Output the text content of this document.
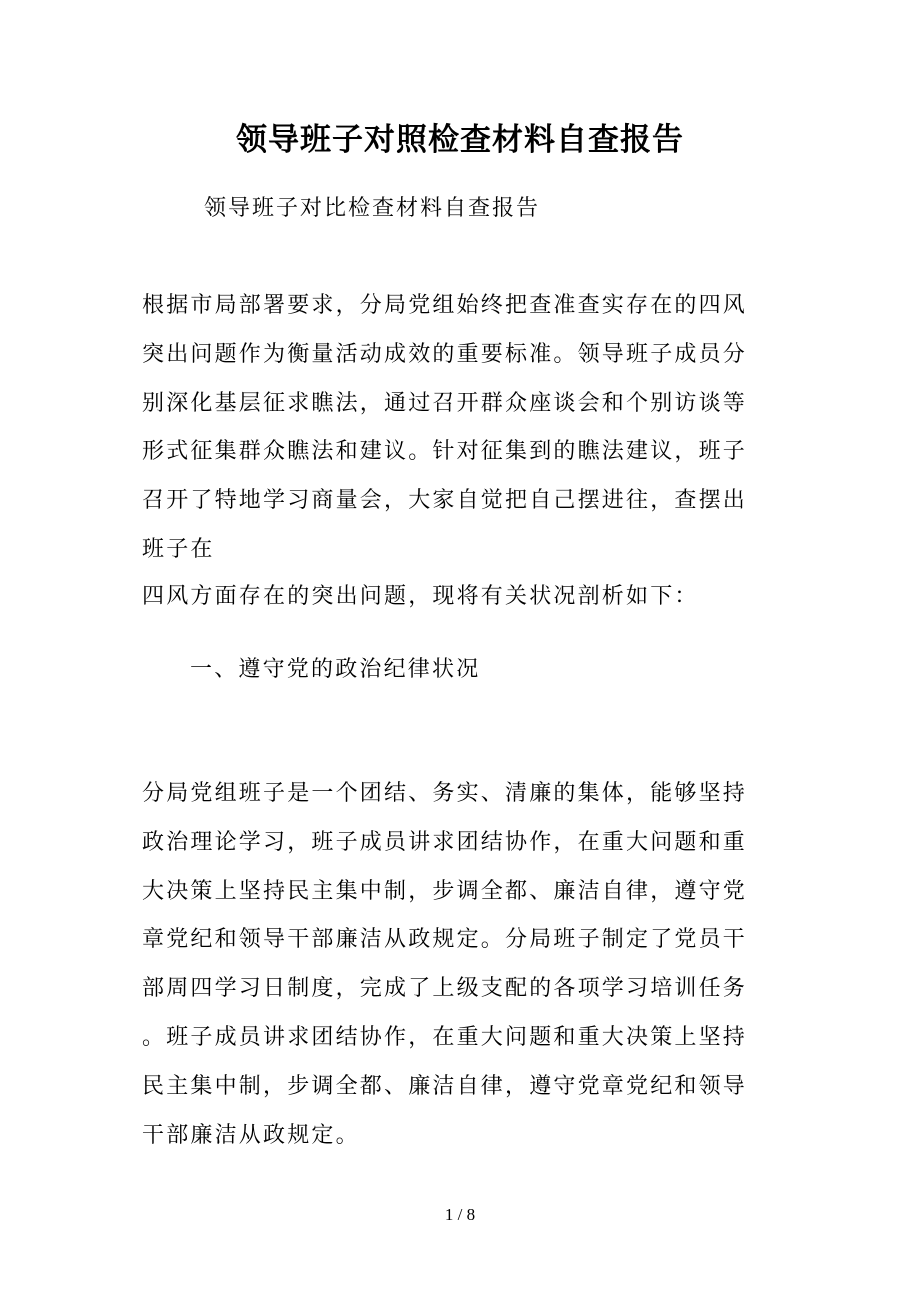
领导班子对照检查材料自查报告
领导班子对比检查材料自查报告
根据市局部署要求，分局党组始终把查准查实存在的四风
突出问题作为衡量活动成效的重要标准。领导班子成员分
别深化基层征求瞧法，通过召开群众座谈会和个别访谈等
形式征集群众瞧法和建议。针对征集到的瞧法建议，班子
召开了特地学习商量会，大家自觉把自己摆进往，查摆出
班子在
四风方面存在的突出问题，现将有关状况剖析如下：
一、遵守党的政治纪律状况
分局党组班子是一个团结、务实、清廉的集体，能够坚持
政治理论学习，班子成员讲求团结协作，在重大问题和重
大决策上坚持民主集中制，步调全都、廉洁自律，遵守党
章党纪和领导干部廉洁从政规定。分局班子制定了党员干
部周四学习日制度，完成了上级支配的各项学习培训任务
。班子成员讲求团结协作，在重大问题和重大决策上坚持
民主集中制，步调全都、廉洁自律，遵守党章党纪和领导
干部廉洁从政规定。
1 / 8
